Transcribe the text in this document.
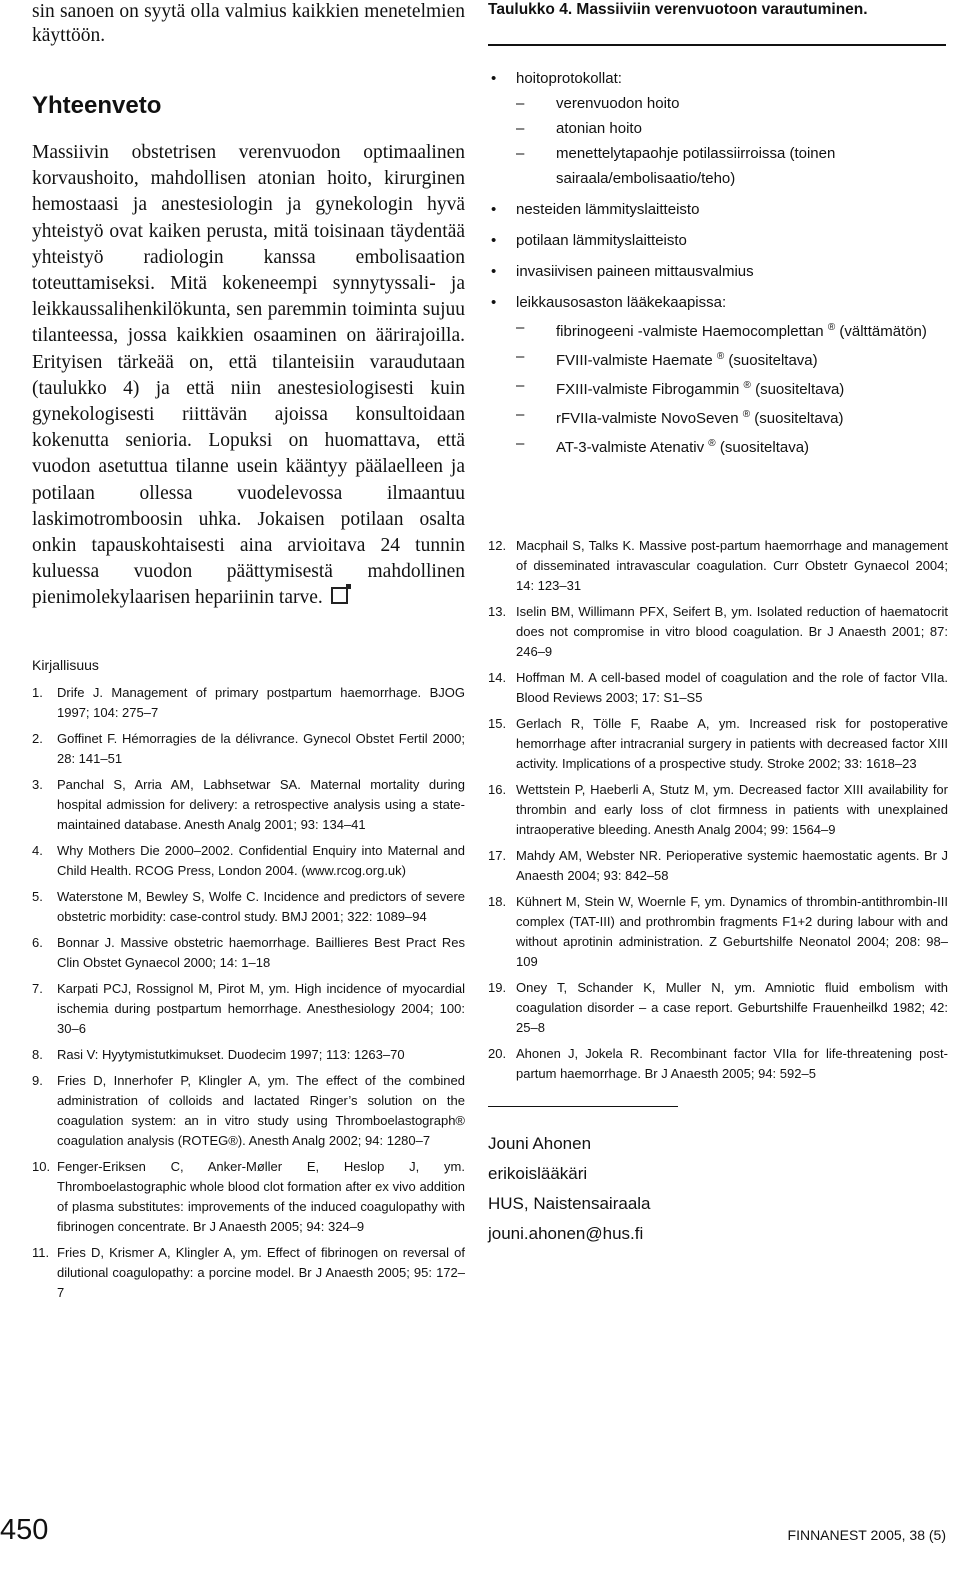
sin sanoen on syytä olla valmius kaikkien menetelmien käyttöön.

Yhteenveto

Massiivin obstetrisen verenvuodon optimaalinen korvaushoito, mahdollisen atonian hoito, kirurginen hemostaasi ja anestesiologin ja gynekologin hyvä yhteistyö ovat kaiken perusta, mitä toisinaan täydentää yhteistyö radiologin kanssa embolisaation toteuttamiseksi. Mitä kokeneempi synnytyssali- ja leikkaussalihenkilökunta, sen paremmin toiminta sujuu tilanteessa, jossa kaikkien osaaminen on äärirajoilla. Erityisen tärkeää on, että tilanteisiin varaudutaan (taulukko 4) ja että niin anestesiologisesti kuin gynekologisesti riittävän ajoissa konsultoidaan kokenutta senioria. Lopuksi on huomattava, että vuodon asetuttua tilanne usein kääntyy päälaelleen ja potilaan ollessa vuodelevossa ilmaantuu laskimotromboosin uhka. Jokaisen potilaan osalta onkin tapauskohtaisesti aina arvioitava 24 tunnin kuluessa vuodon päättymisestä mahdollinen pienimolekylaarisen hepariinin tarve.

Kirjallisuus

1. Drife J. Management of primary postpartum haemorrhage. BJOG 1997; 104: 275–7
2. Goffinet F. Hémorragies de la délivrance. Gynecol Obstet Fertil 2000; 28: 141–51
3. Panchal S, Arria AM, Labhsetwar SA. Maternal mortality during hospital admission for delivery: a retrospective analysis using a state-maintained database. Anesth Analg 2001; 93: 134–41
4. Why Mothers Die 2000–2002. Confidential Enquiry into Maternal and Child Health. RCOG Press, London 2004. (www.rcog.org.uk)
5. Waterstone M, Bewley S, Wolfe C. Incidence and predictors of severe obstetric morbidity: case-control study. BMJ 2001; 322: 1089–94
6. Bonnar J. Massive obstetric haemorrhage. Baillieres Best Pract Res Clin Obstet Gynaecol 2000; 14: 1–18
7. Karpati PCJ, Rossignol M, Pirot M, ym. High incidence of myocardial ischemia during postpartum hemorrhage. Anesthesiology 2004; 100: 30–6
8. Rasi V: Hyytymistutkimukset. Duodecim 1997; 113: 1263–70
9. Fries D, Innerhofer P, Klingler A, ym. The effect of the combined administration of colloids and lactated Ringer’s solution on the coagulation system: an in vitro study using Thromboelastograph® coagulation analysis (ROTEG®). Anesth Analg 2002; 94: 1280–7
10. Fenger-Eriksen C, Anker-Møller E, Heslop J, ym. Thromboelastographic whole blood clot formation after ex vivo addition of plasma substitutes: improvements of the induced coagulopathy with fibrinogen concentrate. Br J Anaesth 2005; 94: 324–9
11. Fries D, Krismer A, Klingler A, ym. Effect of fibrinogen on reversal of dilutional coagulopathy: a porcine model. Br J Anaesth 2005; 95: 172–7

Taulukko 4. Massiiviin verenvuotoon varautuminen.

• hoitoprotokollat:
– verenvuodon hoito
– atonian hoito
– menettelytapaohje potilassiirroissa (toinen sairaala/embolisaatio/teho)
• nesteiden lämmityslaitteisto
• potilaan lämmityslaitteisto
• invasiivisen paineen mittausvalmius
• leikkausosaston lääkekaapissa:
– fibrinogeeni -valmiste Haemocomplettan ® (välttämätön)
– FVIII-valmiste Haemate ® (suositeltava)
– FXIII-valmiste Fibrogammin ® (suositeltava)
– rFVIIa-valmiste NovoSeven ® (suositeltava)
– AT-3-valmiste Atenativ ® (suositeltava)
12. Macphail S, Talks K. Massive post-partum haemorrhage and management of disseminated intravascular coagulation. Curr Obstetr Gynaecol 2004; 14: 123–31
13. Iselin BM, Willimann PFX, Seifert B, ym. Isolated reduction of haematocrit does not compromise in vitro blood coagulation. Br J Anaesth 2001; 87: 246–9
14. Hoffman M. A cell-based model of coagulation and the role of factor VIIa. Blood Reviews 2003; 17: S1–S5
15. Gerlach R, Tölle F, Raabe A, ym. Increased risk for postoperative hemorrhage after intracranial surgery in patients with decreased factor XIII activity. Implications of a prospective study. Stroke 2002; 33: 1618–23
16. Wettstein P, Haeberli A, Stutz M, ym. Decreased factor XIII availability for thrombin and early loss of clot firmness in patients with unexplained intraoperative bleeding. Anesth Analg 2004; 99: 1564–9
17. Mahdy AM, Webster NR. Perioperative systemic haemostatic agents. Br J Anaesth 2004; 93: 842–58
18. Kühnert M, Stein W, Woernle F, ym. Dynamics of thrombin-antithrombin-III complex (TAT-III) and prothrombin fragments F1+2 during labour with and without aprotinin administration. Z Geburtshilfe Neonatol 2004; 208: 98–109
19. Oney T, Schander K, Muller N, ym. Amniotic fluid embolism with coagulation disorder – a case report. Geburtshilfe Frauenheilkd 1982; 42: 25–8
20. Ahonen J, Jokela R. Recombinant factor VIIa for life-threatening post-partum haemorrhage. Br J Anaesth 2005; 94: 592–5
Jouni Ahonen
erikoislääkäri
HUS, Naistensairaala
jouni.ahonen@hus.fi
450	FINNANEST 2005, 38 (5)
